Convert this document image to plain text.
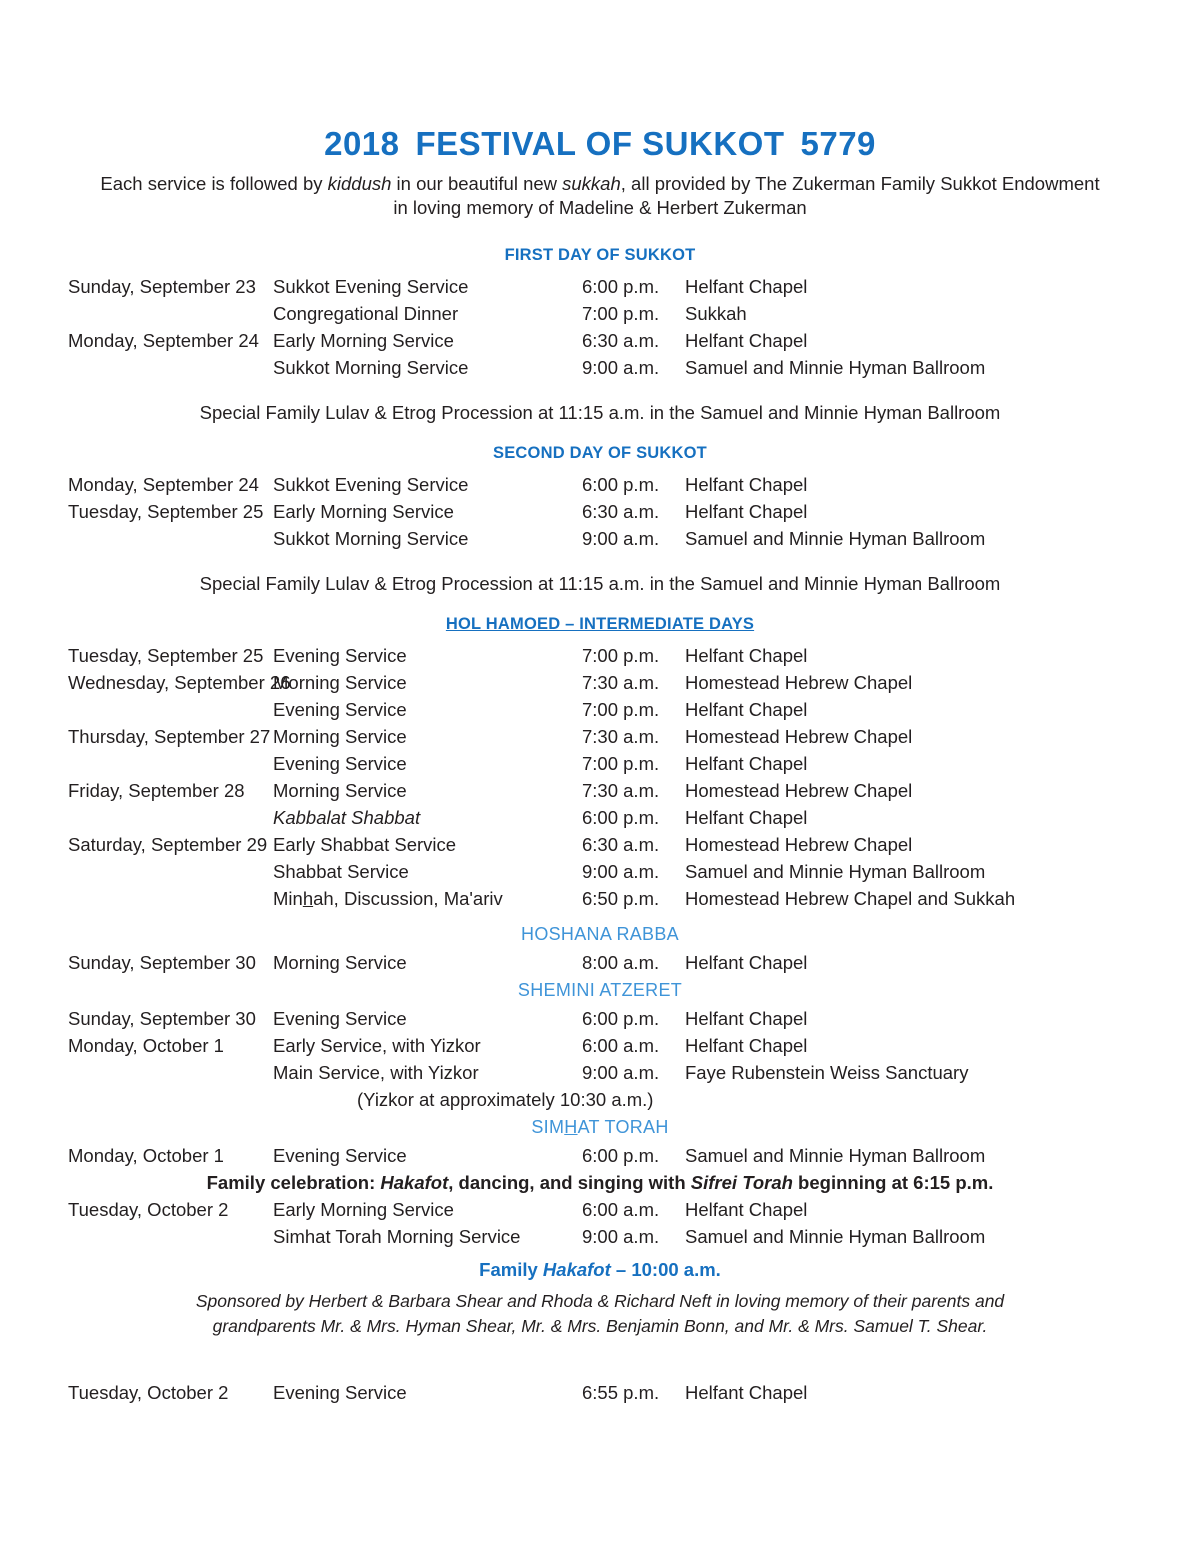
2018 FESTIVAL OF SUKKOT 5779
Each service is followed by kiddush in our beautiful new sukkah, all provided by The Zukerman Family Sukkot Endowment in loving memory of Madeline & Herbert Zukerman
FIRST DAY OF SUKKOT
Sunday, September 23 Sukkot Evening Service	6:00 p.m.	Helfant Chapel
Congregational Dinner	7:00 p.m.	Sukkah
Monday, September 24 Early Morning Service	6:30 a.m.	Helfant Chapel
Sukkot Morning Service	9:00 a.m.	Samuel and Minnie Hyman Ballroom
Special Family Lulav & Etrog Procession at 11:15 a.m. in the Samuel and Minnie Hyman Ballroom
SECOND DAY OF SUKKOT
Monday, September 24 Sukkot Evening Service	6:00 p.m.	Helfant Chapel
Tuesday, September 25 Early Morning Service	6:30 a.m.	Helfant Chapel
Sukkot Morning Service	9:00 a.m.	Samuel and Minnie Hyman Ballroom
Special Family Lulav & Etrog Procession at 11:15 a.m. in the Samuel and Minnie Hyman Ballroom
HOL HAMOED – INTERMEDIATE DAYS
Tuesday, September 25 Evening Service	7:00 p.m.	Helfant Chapel
Wednesday, September 26
Morning Service	7:30 a.m.	Homestead Hebrew Chapel
Evening Service	7:00 p.m.	Helfant Chapel
Thursday, September 27 Morning Service	7:30 a.m.	Homestead Hebrew Chapel
Evening Service	7:00 p.m.	Helfant Chapel
Friday, September 28	Morning Service	7:30 a.m.	Homestead Hebrew Chapel
Kabbalat Shabbat	6:00 p.m.	Helfant Chapel
Saturday, September 29 Early Shabbat Service	6:30 a.m.	Homestead Hebrew Chapel
Shabbat Service	9:00 a.m.	Samuel and Minnie Hyman Ballroom
Minhah, Discussion, Ma'ariv	6:50 p.m.	Homestead Hebrew Chapel and Sukkah
HOSHANA RABBA
Sunday, September 30 Morning Service	8:00 a.m.	Helfant Chapel
SHEMINI ATZERET
Sunday, September 30 Evening Service	6:00 p.m.	Helfant Chapel
Monday, October 1	Early Service, with Yizkor	6:00 a.m.	Helfant Chapel
Main Service, with Yizkor	9:00 a.m.	Faye Rubenstein Weiss Sanctuary
(Yizkor at approximately 10:30 a.m.)
SIMHAT TORAH
Monday, October 1	Evening Service	6:00 p.m.	Samuel and Minnie Hyman Ballroom
Family celebration: Hakafot, dancing, and singing with Sifrei Torah beginning at 6:15 p.m.
Tuesday, October 2	Early Morning Service	6:00 a.m.	Helfant Chapel
Simhat Torah Morning Service	9:00 a.m.	Samuel and Minnie Hyman Ballroom
Family Hakafot – 10:00 a.m.
Sponsored by Herbert & Barbara Shear and Rhoda & Richard Neft in loving memory of their parents and
grandparents Mr. & Mrs. Hyman Shear, Mr. & Mrs. Benjamin Bonn, and Mr. & Mrs. Samuel T. Shear.
Tuesday, October 2	Evening Service	6:55 p.m.	Helfant Chapel
